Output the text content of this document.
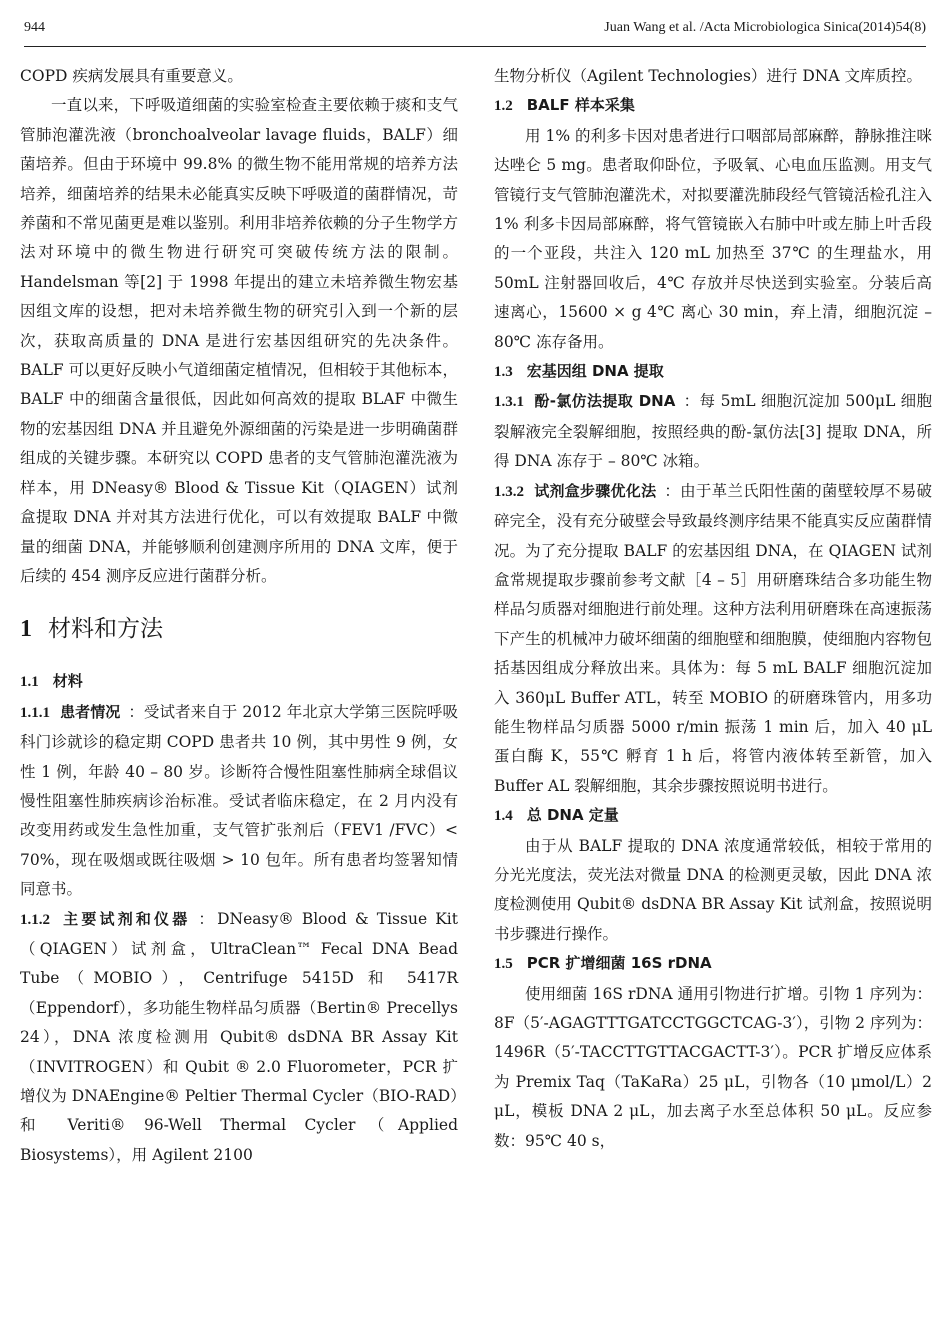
944	Juan Wang et al. /Acta Microbiologica Sinica(2014)54(8)

COPD 疾病发展具有重要意义。

一直以来，下呼吸道细菌的实验室检查主要依赖于痰和支气管肺泡灌洗液（bronchoalveolar lavage fluids，BALF）细菌培养。但由于环境中 99.8% 的微生物不能用常规的培养方法培养，细菌培养的结果未必能真实反映下呼吸道的菌群情况，苛养菌和不常见菌更是难以鉴别。利用非培养依赖的分子生物学方法对环境中的微生物进行研究可突破传统方法的限制。Handelsman 等[2] 于 1998 年提出的建立未培养微生物宏基因组文库的设想，把对未培养微生物的研究引入到一个新的层次，获取高质量的 DNA 是进行宏基因组研究的先决条件。BALF 可以更好反映小气道细菌定植情况，但相较于其他标本，BALF 中的细菌含量很低，因此如何高效的提取 BLAF 中微生物的宏基因组 DNA 并且避免外源细菌的污染是进一步明确菌群组成的关键步骤。本研究以 COPD 患者的支气管肺泡灌洗液为样本，用 DNeasy® Blood & Tissue Kit（QIAGEN）试剂盒提取 DNA 并对其方法进行优化，可以有效提取 BALF 中微量的细菌 DNA，并能够顺利创建测序所用的 DNA 文库，便于后续的 454 测序反应进行菌群分析。

1 材料和方法

1.1 材料

1.1.1 患者情况 ：受试者来自于 2012 年北京大学第三医院呼吸科门诊就诊的稳定期 COPD 患者共 10 例，其中男性 9 例，女性 1 例，年龄 40 – 80 岁。诊断符合慢性阻塞性肺病全球倡议慢性阻塞性肺疾病诊治标准。受试者临床稳定，在 2 月内没有改变用药或发生急性加重，支气管扩张剂后（FEV1 /FVC）< 70%，现在吸烟或既往吸烟 > 10 包年。所有患者均签署知情同意书。

1.1.2 主要试剂和仪器 ：DNeasy® Blood & Tissue Kit（QIAGEN）试剂盒，UltraClean™ Fecal DNA Bead Tube（MOBIO），Centrifuge 5415D 和 5417R（Eppendorf），多功能生物样品匀质器（Bertin® Precellys 24），DNA 浓度检测用 Qubit® dsDNA BR Assay Kit（INVITROGEN）和 Qubit ® 2.0 Fluorometer，PCR 扩增仪为 DNAEngine® Peltier Thermal Cycler（BIO-RAD）和 Veriti® 96-Well Thermal Cycler（Applied Biosystems），用 Agilent 2100

生物分析仪（Agilent Technologies）进行 DNA 文库质控。

1.2 BALF 样本采集

用 1% 的利多卡因对患者进行口咽部局部麻醉，静脉推注咪达唑仑 5 mg。患者取仰卧位，予吸氧、心电血压监测。用支气管镜行支气管肺泡灌洗术，对拟要灌洗肺段经气管镜活检孔注入 1% 利多卡因局部麻醉，将气管镜嵌入右肺中叶或左肺上叶舌段的一个亚段，共注入 120 mL 加热至 37℃ 的生理盐水，用 50mL 注射器回收后，4℃ 存放并尽快送到实验室。分装后高速离心，15600 × g 4℃ 离心 30 min，弃上清，细胞沉淀 – 80℃ 冻存备用。

1.3 宏基因组 DNA 提取

1.3.1 酚-氯仿法提取 DNA ：每 5mL 细胞沉淀加 500μL 细胞裂解液完全裂解细胞，按照经典的酚-氯仿法[3] 提取 DNA，所得 DNA 冻存于 – 80℃ 冰箱。

1.3.2 试剂盒步骤优化法 ：由于革兰氏阳性菌的菌壁较厚不易破碎完全，没有充分破壁会导致最终测序结果不能真实反应菌群情况。为了充分提取 BALF 的宏基因组 DNA，在 QIAGEN 试剂盒常规提取步骤前参考文献［4 – 5］用研磨珠结合多功能生物样品匀质器对细胞进行前处理。这种方法利用研磨珠在高速振荡下产生的机械冲力破坏细菌的细胞壁和细胞膜，使细胞内容物包括基因组成分释放出来。具体为：每 5 mL BALF 细胞沉淀加入 360μL Buffer ATL，转至 MOBIO 的研磨珠管内，用多功能生物样品匀质器 5000 r/min 振荡 1 min 后，加入 40 μL 蛋白酶 K，55℃ 孵育 1 h 后，将管内液体转至新管，加入 Buffer AL 裂解细胞，其余步骤按照说明书进行。

1.4 总 DNA 定量

由于从 BALF 提取的 DNA 浓度通常较低，相较于常用的分光光度法，荧光法对微量 DNA 的检测更灵敏，因此 DNA 浓度检测使用 Qubit® dsDNA BR Assay Kit 试剂盒，按照说明书步骤进行操作。

1.5 PCR 扩增细菌 16S rDNA

使用细菌 16S rDNA 通用引物进行扩增。引物 1 序列为：8F（5′-AGAGTTTGATCCTGGCTCAG-3′），引物 2 序列为：1496R（5′-TACCTTGTTACGACTT-3′）。PCR 扩增反应体系为 Premix Taq（TaKaRa）25 μL，引物各（10 μmol/L）2 μL，模板 DNA 2 μL，加去离子水至总体积 50 μL。反应参数：95℃ 40 s，
